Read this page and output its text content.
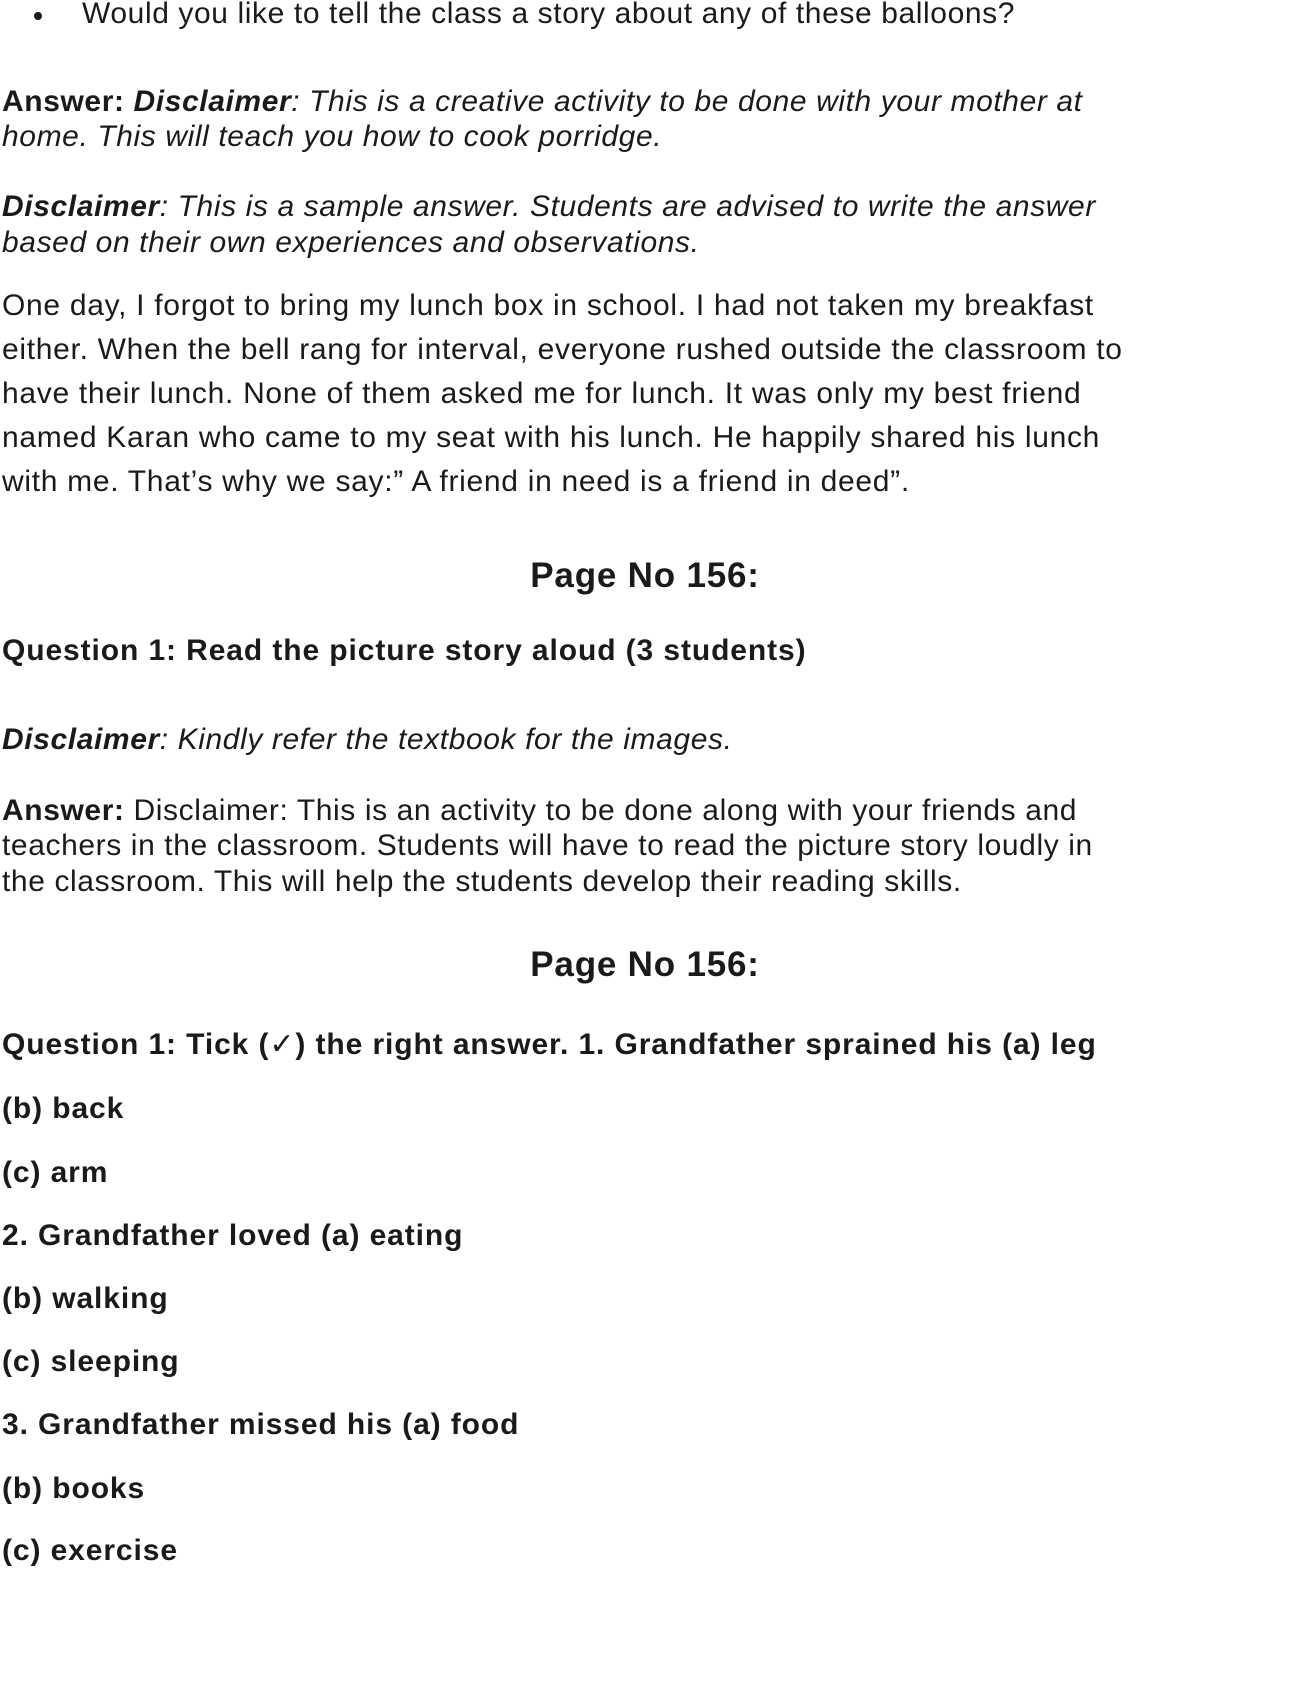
Would you like to tell the class a story about any of these balloons?
Answer: Disclaimer: This is a creative activity to be done with your mother at
home. This will teach you how to cook porridge.
Disclaimer: This is a sample answer. Students are advised to write the answer
based on their own experiences and observations.
One day, I forgot to bring my lunch box in school. I had not taken my breakfast
either. When the bell rang for interval, everyone rushed outside the classroom to
have their lunch. None of them asked me for lunch. It was only my best friend
named Karan who came to my seat with his lunch. He happily shared his lunch
with me. That’s why we say:” A friend in need is a friend in deed”.
Page No 156:
Question 1: Read the picture story aloud (3 students)
Disclaimer: Kindly refer the textbook for the images.
Answer: Disclaimer: This is an activity to be done along with your friends and
teachers in the classroom. Students will have to read the picture story loudly in
the classroom. This will help the students develop their reading skills.
Page No 156:
Question 1: Tick (✓) the right answer. 1. Grandfather sprained his (a) leg
(b) back
(c) arm
2. Grandfather loved (a) eating
(b) walking
(c) sleeping
3. Grandfather missed his (a) food
(b) books
(c) exercise
